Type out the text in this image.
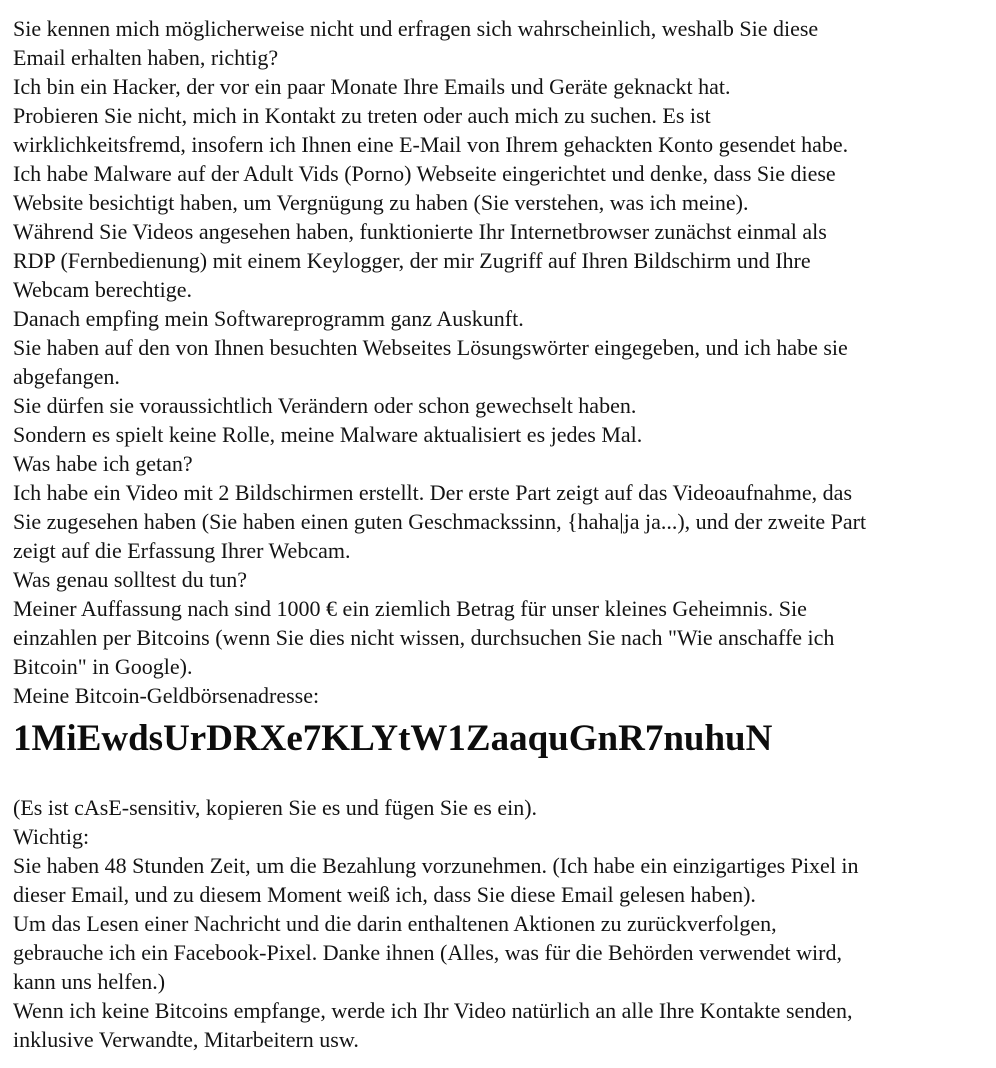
Sie kennen mich möglicherweise nicht und erfragen sich wahrscheinlich, weshalb Sie diese
Email erhalten haben, richtig?
Ich bin ein Hacker, der vor ein paar Monate Ihre Emails und Geräte geknackt hat.
Probieren Sie nicht, mich in Kontakt zu treten oder auch mich zu suchen. Es ist
wirklichkeitsfremd, insofern ich Ihnen eine E-Mail von Ihrem gehackten Konto gesendet habe.
Ich habe Malware auf der Adult Vids (Porno) Webseite eingerichtet und denke, dass Sie diese
Website besichtigt haben, um Vergnügung zu haben (Sie verstehen, was ich meine).
Während Sie Videos angesehen haben, funktionierte Ihr Internetbrowser zunächst einmal als
RDP (Fernbedienung) mit einem Keylogger, der mir Zugriff auf Ihren Bildschirm und Ihre
Webcam berechtige.
Danach empfing mein Softwareprogramm ganz Auskunft.
Sie haben auf den von Ihnen besuchten Webseites Lösungswörter eingegeben, und ich habe sie
abgefangen.
Sie dürfen sie voraussichtlich Verändern oder schon gewechselt haben.
Sondern es spielt keine Rolle, meine Malware aktualisiert es jedes Mal.
Was habe ich getan?
Ich habe ein Video mit 2 Bildschirmen erstellt. Der erste Part zeigt auf das Videoaufnahme, das
Sie zugesehen haben (Sie haben einen guten Geschmackssinn, {haha|ja ja...), und der zweite Part
zeigt auf die Erfassung Ihrer Webcam.
Was genau solltest du tun?
Meiner Auffassung nach sind 1000 € ein ziemlich Betrag für unser kleines Geheimnis. Sie
einzahlen per Bitcoins (wenn Sie dies nicht wissen, durchsuchen Sie nach "Wie anschaffe ich
Bitcoin" in Google).
Meine Bitcoin-Geldbörsenadresse:
1MiEwdsUrDRXe7KLYtW1ZaaquGnR7nuhuN
(Es ist cAsE-sensitiv, kopieren Sie es und fügen Sie es ein).
Wichtig:
Sie haben 48 Stunden Zeit, um die Bezahlung vorzunehmen. (Ich habe ein einzigartiges Pixel in
dieser Email, und zu diesem Moment weiß ich, dass Sie diese Email gelesen haben).
Um das Lesen einer Nachricht und die darin enthaltenen Aktionen zu zurückverfolgen,
gebrauche ich ein Facebook-Pixel. Danke ihnen (Alles, was für die Behörden verwendet wird,
kann uns helfen.)
Wenn ich keine Bitcoins empfange, werde ich Ihr Video natürlich an alle Ihre Kontakte senden,
inklusive Verwandte, Mitarbeitern usw.
